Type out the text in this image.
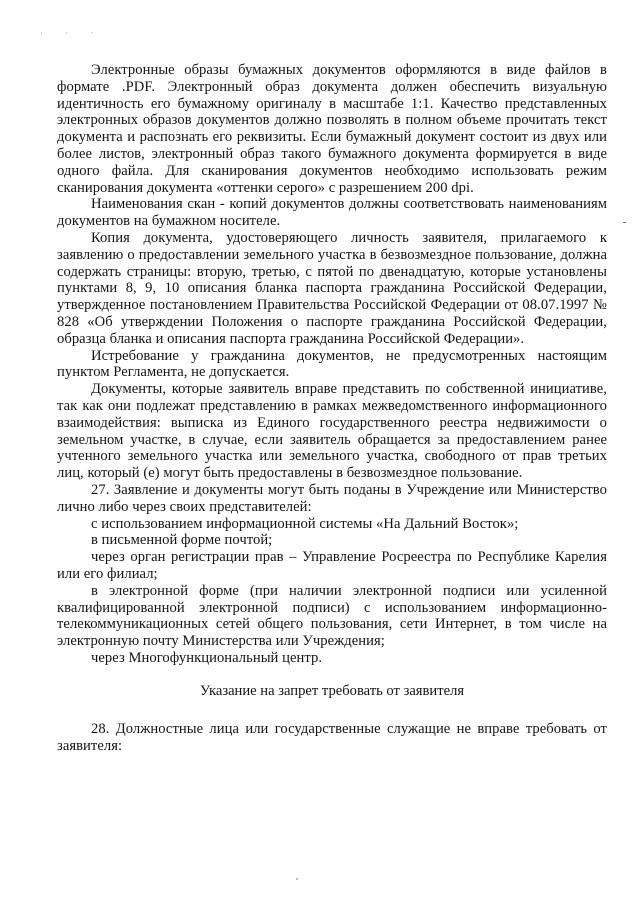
· · ·

Электронные образы бумажных документов оформляются в виде файлов в формате .PDF. Электронный образ документа должен обеспечить визуальную идентичность его бумажному оригиналу в масштабе 1:1. Качество представленных электронных образов документов должно позволять в полном объеме прочитать текст документа и распознать его реквизиты. Если бумажный документ состоит из двух или более листов, электронный образ такого бумажного документа формируется в виде одного файла. Для сканирования документов необходимо использовать режим сканирования документа «оттенки серого» с разрешением 200 dpi.

Наименования скан - копий документов должны соответствовать наименованиям документов на бумажном носителе.

Копия документа, удостоверяющего личность заявителя, прилагаемого к заявлению о предоставлении земельного участка в безвозмездное пользование, должна содержать страницы: вторую, третью, с пятой по двенадцатую, которые установлены пунктами 8, 9, 10 описания бланка паспорта гражданина Российской Федерации, утвержденное постановлением Правительства Российской Федерации от 08.07.1997 № 828 «Об утверждении Положения о паспорте гражданина Российской Федерации, образца бланка и описания паспорта гражданина Российской Федерации».

Истребование у гражданина документов, не предусмотренных настоящим пунктом Регламента, не допускается.

Документы, которые заявитель вправе представить по собственной инициативе, так как они подлежат представлению в рамках межведомственного информационного взаимодействия: выписка из Единого государственного реестра недвижимости о земельном участке, в случае, если заявитель обращается за предоставлением ранее учтенного земельного участка или земельного участка, свободного от прав третьих лиц, который (е) могут быть предоставлены в безвозмездное пользование.

27. Заявление и документы могут быть поданы в Учреждение или Министерство лично либо через своих представителей:

с использованием информационной системы «На Дальний Восток»;

в письменной форме почтой;

через орган регистрации прав – Управление Росреестра по Республике Карелия или его филиал;

в электронной форме (при наличии электронной подписи или усиленной квалифицированной электронной подписи) с использованием информационно-телекоммуникационных сетей общего пользования, сети Интернет, в том числе на электронную почту Министерства или Учреждения;

через Многофункциональный центр.

Указание на запрет требовать от заявителя

28. Должностные лица или государственные служащие не вправе требовать от заявителя:
